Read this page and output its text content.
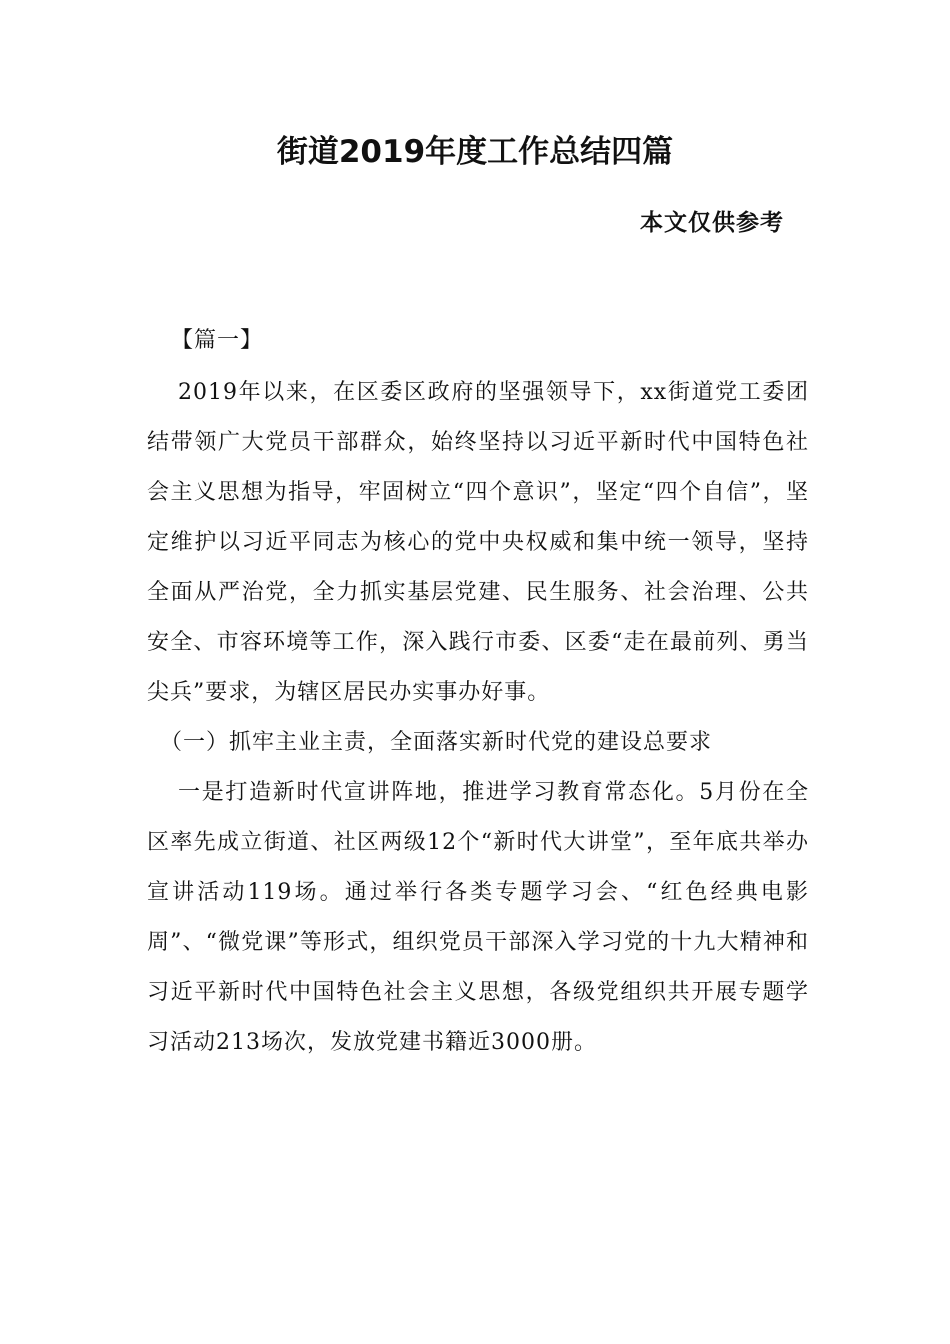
街道2019年度工作总结四篇
本文仅供参考

【篇一】

2019年以来，在区委区政府的坚强领导下，xx街道党工委团结带领广大党员干部群众，始终坚持以习近平新时代中国特色社会主义思想为指导，牢固树立“四个意识”，坚定“四个自信”，坚定维护以习近平同志为核心的党中央权威和集中统一领导，坚持全面从严治党，全力抓实基层党建、民生服务、社会治理、公共安全、市容环境等工作，深入践行市委、区委“走在最前列、勇当尖兵”要求，为辖区居民办实事办好事。

（一）抓牢主业主责，全面落实新时代党的建设总要求

一是打造新时代宣讲阵地，推进学习教育常态化。5月份在全区率先成立街道、社区两级12个“新时代大讲堂”，至年底共举办宣讲活动119场。通过举行各类专题学习会、“红色经典电影周”、“微党课”等形式，组织党员干部深入学习党的十九大精神和习近平新时代中国特色社会主义思想，各级党组织共开展专题学习活动213场次，发放党建书籍近3000册。
